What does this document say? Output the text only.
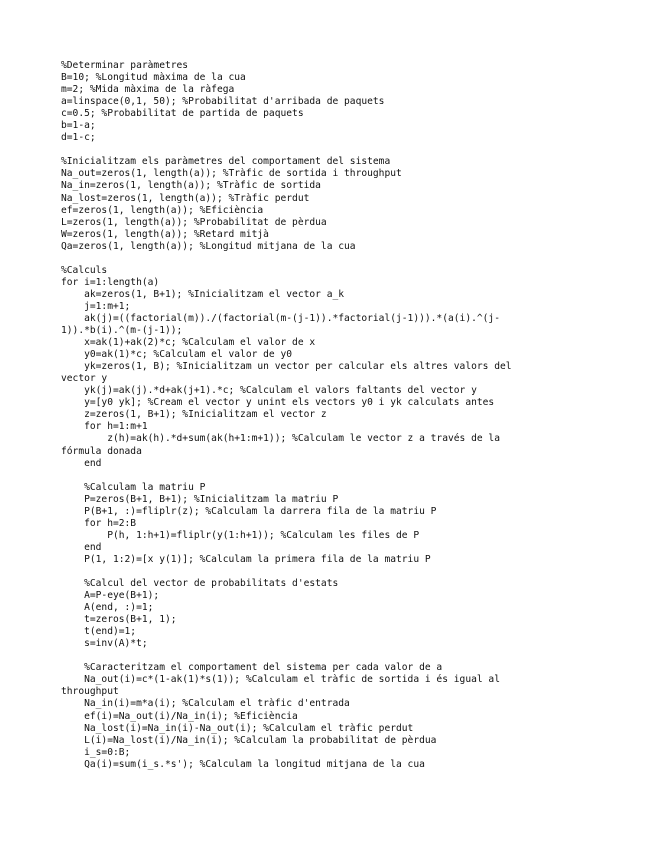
%Determinar paràmetres
B=10; %Longitud màxima de la cua
m=2; %Mida màxima de la ràfega
a=linspace(0,1, 50); %Probabilitat d'arribada de paquets
c=0.5; %Probabilitat de partida de paquets
b=1-a;
d=1-c;
%Inicialitzam els paràmetres del comportament del sistema
Na_out=zeros(1, length(a)); %Tràfic de sortida i throughput
Na_in=zeros(1, length(a)); %Tràfic de sortida
Na_lost=zeros(1, length(a)); %Tràfic perdut
ef=zeros(1, length(a)); %Eficiència
L=zeros(1, length(a)); %Probabilitat de pèrdua
W=zeros(1, length(a)); %Retard mitjà
Qa=zeros(1, length(a)); %Longitud mitjana de la cua
%Calculs
for i=1:length(a)
ak=zeros(1, B+1); %Inicialitzam el vector a_k
j=1:m+1;
ak(j)=((factorial(m))./(factorial(m-(j-1)).*factorial(j-1))).*(a(i).^(j-
1)).*b(i).^(m-(j-1));
x=ak(1)+ak(2)*c; %Calculam el valor de x
y0=ak(1)*c; %Calculam el valor de y0
yk=zeros(1, B); %Inicialitzam un vector per calcular els altres valors del
vector y
yk(j)=ak(j).*d+ak(j+1).*c; %Calculam el valors faltants del vector y
y=[y0 yk]; %Cream el vector y unint els vectors y0 i yk calculats antes
z=zeros(1, B+1); %Inicialitzam el vector z
for h=1:m+1
z(h)=ak(h).*d+sum(ak(h+1:m+1)); %Calculam le vector z a través de la
fórmula donada
end
%Calculam la matriu P
P=zeros(B+1, B+1); %Inicialitzam la matriu P
P(B+1, :)=fliplr(z); %Calculam la darrera fila de la matriu P
for h=2:B
P(h, 1:h+1)=fliplr(y(1:h+1)); %Calculam les files de P
end
P(1, 1:2)=[x y(1)]; %Calculam la primera fila de la matriu P
%Calcul del vector de probabilitats d'estats
A=P-eye(B+1);
A(end, :)=1;
t=zeros(B+1, 1);
t(end)=1;
s=inv(A)*t;
%Caracteritzam el comportament del sistema per cada valor de a
Na_out(i)=c*(1-ak(1)*s(1)); %Calculam el tràfic de sortida i és igual al
throughput
Na_in(i)=m*a(i); %Calculam el tràfic d'entrada
ef(i)=Na_out(i)/Na_in(i); %Eficiència
Na_lost(i)=Na_in(i)-Na_out(i); %Calculam el tràfic perdut
L(i)=Na_lost(i)/Na_in(i); %Calculam la probabilitat de pèrdua
i_s=0:B;
Qa(i)=sum(i_s.*s'); %Calculam la longitud mitjana de la cua
